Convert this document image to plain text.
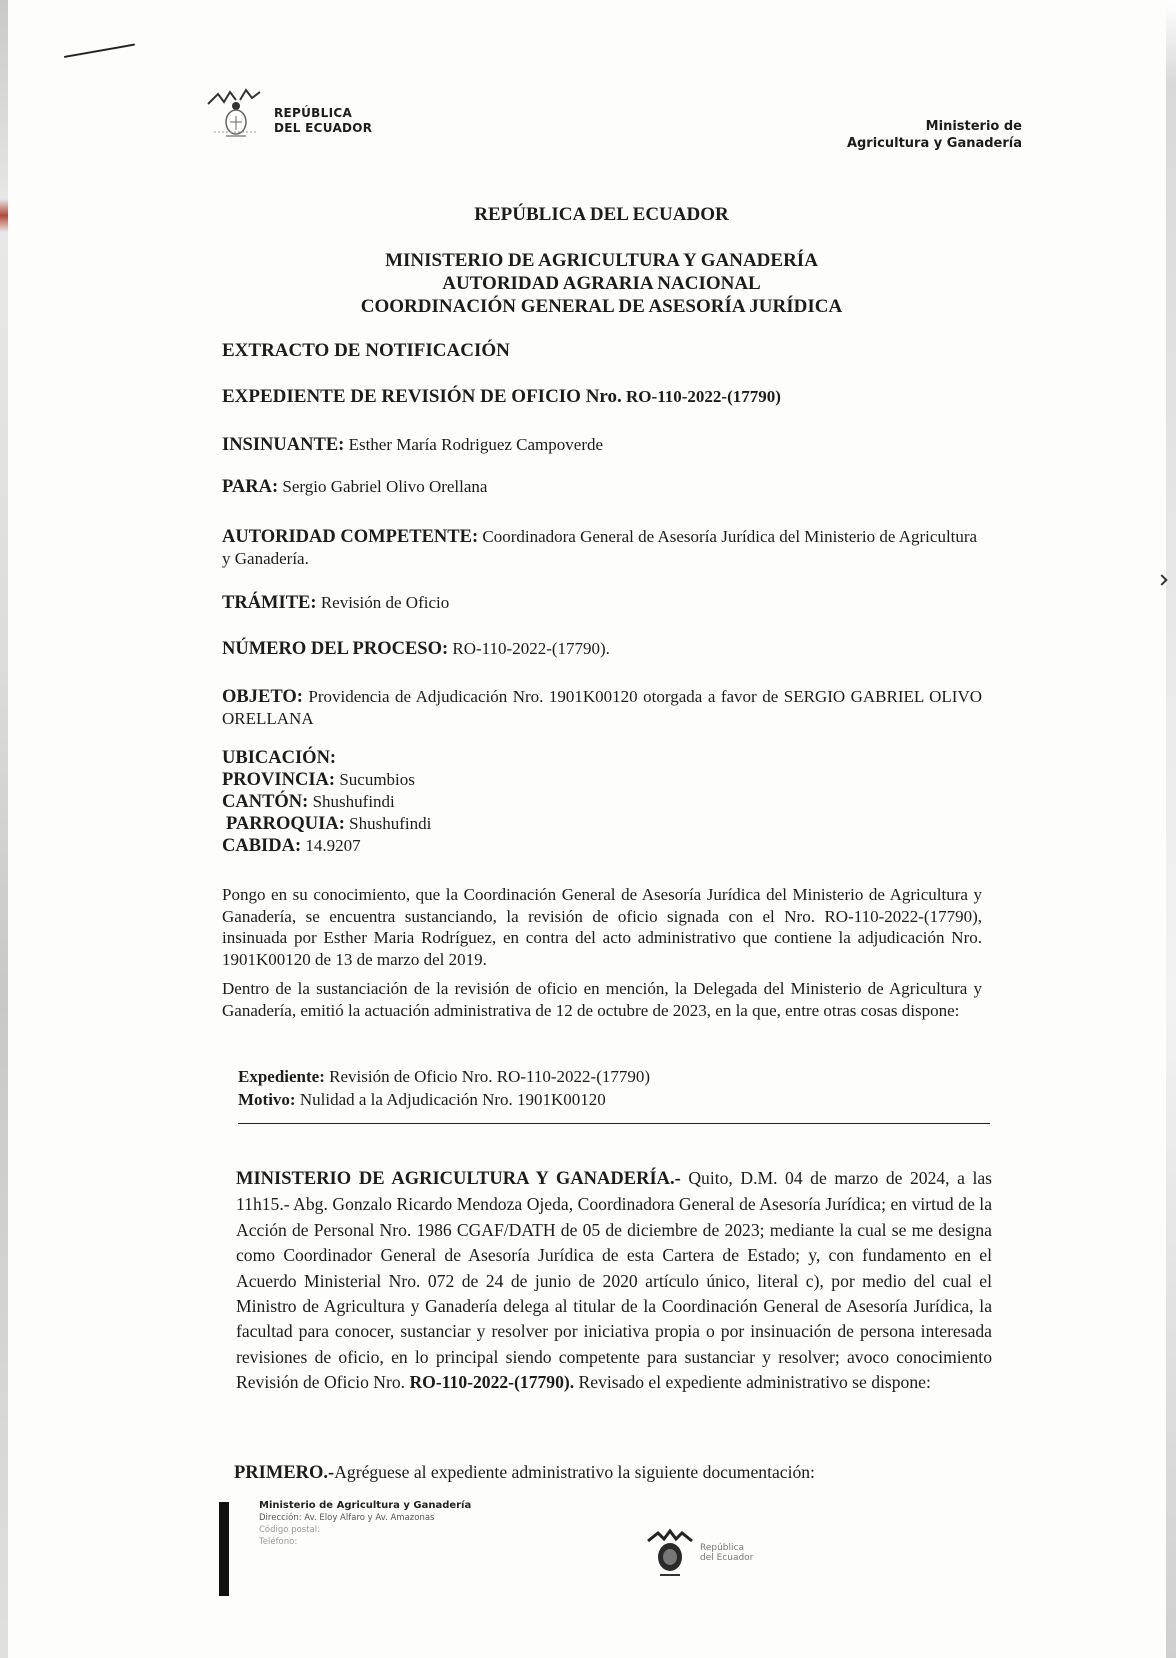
REPÚBLICA
DEL ECUADOR	Ministerio de
Agricultura y Ganadería
REPÚBLICA DEL ECUADOR
MINISTERIO DE AGRICULTURA Y GANADERÍA
AUTORIDAD AGRARIA NACIONAL
COORDINACIÓN GENERAL DE ASESORÍA JURÍDICA
EXTRACTO DE NOTIFICACIÓN
EXPEDIENTE DE REVISIÓN DE OFICIO Nro. RO-110-2022-(17790)
INSINUANTE: Esther María Rodriguez Campoverde
PARA: Sergio Gabriel Olivo Orellana
AUTORIDAD COMPETENTE: Coordinadora General de Asesoría Jurídica del Ministerio de Agricultura y Ganadería.
TRÁMITE: Revisión de Oficio
NÚMERO DEL PROCESO: RO-110-2022-(17790).
OBJETO: Providencia de Adjudicación Nro. 1901K00120 otorgada a favor de SERGIO GABRIEL OLIVO ORELLANA
UBICACIÓN:
PROVINCIA: Sucumbios
CANTÓN: Shushufindi
PARROQUIA: Shushufindi
CABIDA: 14.9207
Pongo en su conocimiento, que la Coordinación General de Asesoría Jurídica del Ministerio de Agricultura y Ganadería, se encuentra sustanciando, la revisión de oficio signada con el Nro. RO-110-2022-(17790), insinuada por Esther Maria Rodríguez, en contra del acto administrativo que contiene la adjudicación Nro. 1901K00120 de 13 de marzo del 2019.
Dentro de la sustanciación de la revisión de oficio en mención, la Delegada del Ministerio de Agricultura y Ganadería, emitió la actuación administrativa de 12 de octubre de 2023, en la que, entre otras cosas dispone:
Expediente: Revisión de Oficio Nro. RO-110-2022-(17790)
Motivo: Nulidad a la Adjudicación Nro. 1901K00120
MINISTERIO DE AGRICULTURA Y GANADERÍA.- Quito, D.M. 04 de marzo de 2024, a las 11h15.- Abg. Gonzalo Ricardo Mendoza Ojeda, Coordinadora General de Asesoría Jurídica; en virtud de la Acción de Personal Nro. 1986 CGAF/DATH de 05 de diciembre de 2023; mediante la cual se me designa como Coordinador General de Asesoría Jurídica de esta Cartera de Estado; y, con fundamento en el Acuerdo Ministerial Nro. 072 de 24 de junio de 2020 artículo único, literal c), por medio del cual el Ministro de Agricultura y Ganadería delega al titular de la Coordinación General de Asesoría Jurídica, la facultad para conocer, sustanciar y resolver por iniciativa propia o por insinuación de persona interesada revisiones de oficio, en lo principal siendo competente para sustanciar y resolver; avoco conocimiento Revisión de Oficio Nro. RO-110-2022-(17790). Revisado el expediente administrativo se dispone:
PRIMERO.-Agréguese al expediente administrativo la siguiente documentación:
Ministerio de Agricultura y Ganadería
Dirección: Av. Eloy Alfaro y Av. Amazonas
Código postal:
Teléfono:
República
del Ecuador
